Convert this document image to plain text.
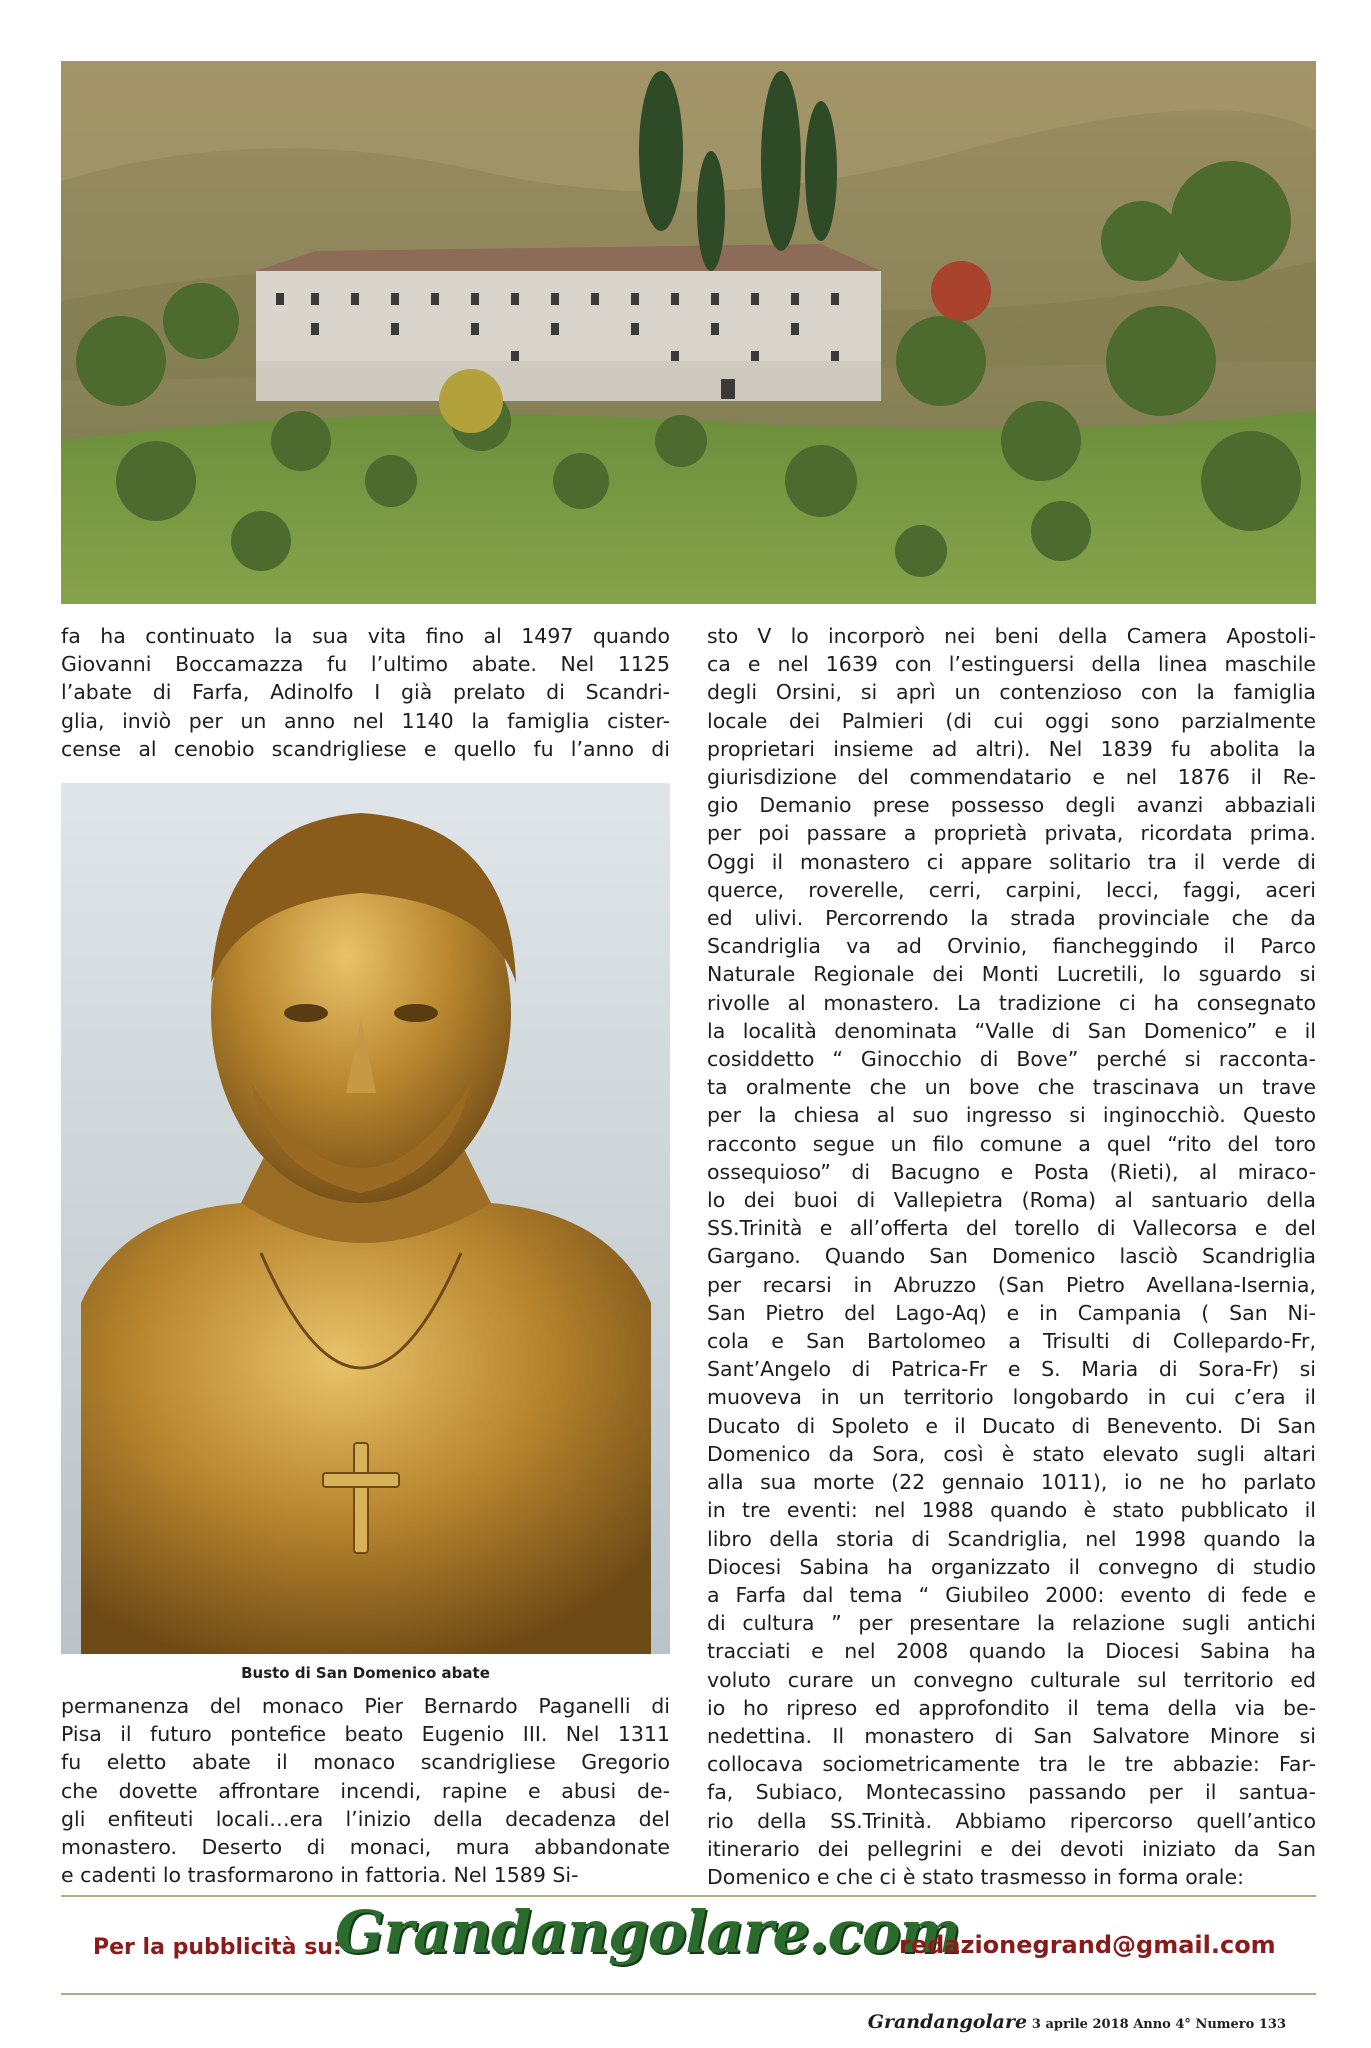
fa ha continuato la sua vita fino al 1497 quando

Giovanni Boccamazza fu l’ultimo abate. Nel 1125

l’abate di Farfa, Adinolfo I già prelato di Scandri-

glia, inviò per un anno nel 1140 la famiglia cister-

cense al cenobio scandrigliese e quello fu l’anno di

Busto di San Domenico abate

permanenza del monaco Pier Bernardo Paganelli di

Pisa il futuro pontefice beato Eugenio III. Nel 1311

fu eletto abate il monaco scandrigliese Gregorio

che dovette affrontare incendi, rapine e abusi de-

gli enfiteuti locali…era l’inizio della decadenza del

monastero. Deserto di monaci, mura abbandonate

e cadenti lo trasformarono in fattoria. Nel 1589 Si-

sto V lo incorporò nei beni della Camera Apostoli-

ca e nel 1639 con l’estinguersi della linea maschile

degli Orsini, si aprì un contenzioso con la famiglia

locale dei Palmieri (di cui oggi sono parzialmente

proprietari insieme ad altri). Nel 1839 fu abolita la

giurisdizione del commendatario e nel 1876 il Re-

gio Demanio prese possesso degli avanzi abbaziali

per poi passare a proprietà privata, ricordata prima.

Oggi il monastero ci appare solitario tra il verde di

querce, roverelle, cerri, carpini, lecci, faggi, aceri

ed ulivi. Percorrendo la strada provinciale che da

Scandriglia va ad Orvinio, fiancheggindo il Parco

Naturale Regionale dei Monti Lucretili, lo sguardo si

rivolle al monastero. La tradizione ci ha consegnato

la località denominata “Valle di San Domenico” e il

cosiddetto “ Ginocchio di Bove” perché si racconta-

ta oralmente che un bove che trascinava un trave

per la chiesa al suo ingresso si inginocchiò. Questo

racconto segue un filo comune a quel “rito del toro

ossequioso” di Bacugno e Posta (Rieti), al miraco-

lo dei buoi di Vallepietra (Roma) al santuario della

SS.Trinità e all’offerta del torello di Vallecorsa e del

Gargano. Quando San Domenico lasciò Scandriglia

per recarsi in Abruzzo (San Pietro Avellana-Isernia,

San Pietro del Lago-Aq) e in Campania ( San Ni-

cola e San Bartolomeo a Trisulti di Collepardo-Fr,

Sant’Angelo di Patrica-Fr e S. Maria di Sora-Fr) si

muoveva in un territorio longobardo in cui c’era il

Ducato di Spoleto e il Ducato di Benevento. Di San

Domenico da Sora, così è stato elevato sugli altari

alla sua morte (22 gennaio 1011), io ne ho parlato

in tre eventi: nel 1988 quando è stato pubblicato il

libro della storia di Scandriglia, nel 1998 quando la

Diocesi Sabina ha organizzato il convegno di studio

a Farfa dal tema “ Giubileo 2000: evento di fede e

di cultura ” per presentare la relazione sugli antichi

tracciati e nel 2008 quando la Diocesi Sabina ha

voluto curare un convegno culturale sul territorio ed

io ho ripreso ed approfondito il tema della via be-

nedettina. Il monastero di San Salvatore Minore si

collocava sociometricamente tra le tre abbazie: Far-

fa, Subiaco, Montecassino passando per il santua-

rio della SS.Trinità. Abbiamo ripercorso quell’antico

itinerario dei pellegrini e dei devoti iniziato da San

Domenico e che ci è stato trasmesso in forma orale:

Per la pubblicità su:
Grandangolare.com
redazionegrand@gmail.com
Grandangolare 3 aprile 2018 Anno 4° Numero 133
